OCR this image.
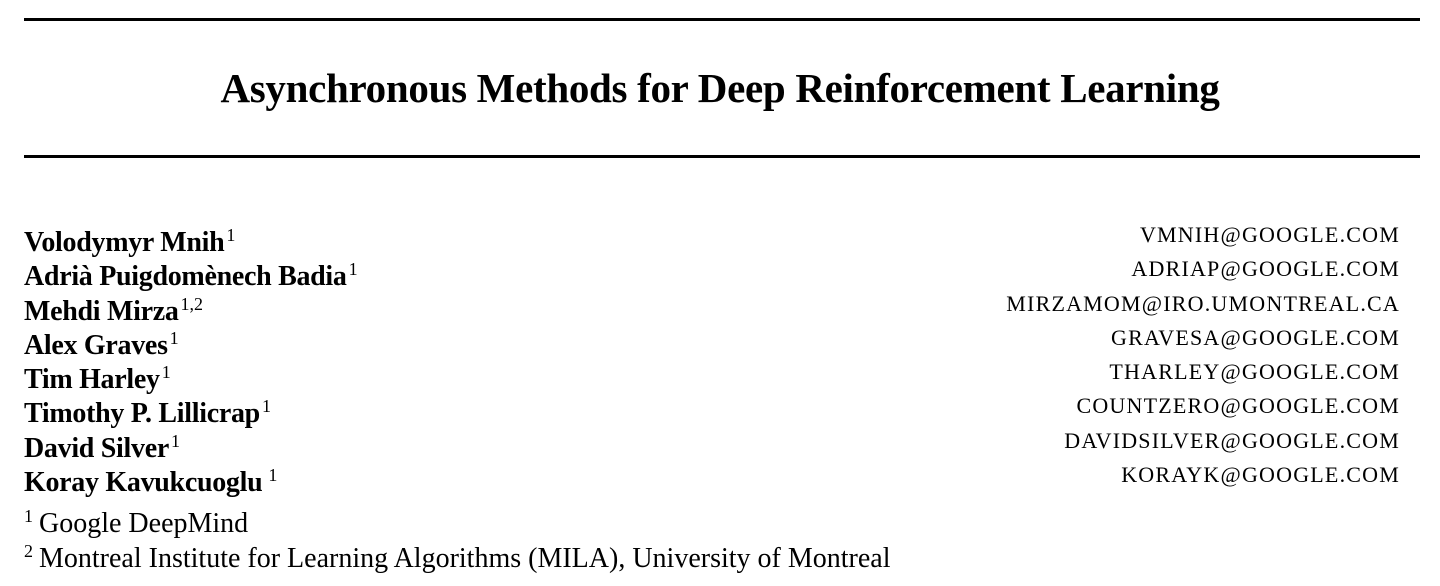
Asynchronous Methods for Deep Reinforcement Learning
Volodymyr Mnih $^1$	VMNIH@GOOGLE.COM
Adrià Puigdomènech Badia $^1$	ADRIAP@GOOGLE.COM
Mehdi Mirza $^{1,2}$	MIRZAMOM@IRO.UMONTREAL.CA
Alex Graves $^1$	GRAVESA@GOOGLE.COM
Tim Harley $^1$	THARLEY@GOOGLE.COM
Timothy P. Lillicrap $^1$	COUNTZERO@GOOGLE.COM
David Silver $^1$	DAVIDSILVER@GOOGLE.COM
Koray Kavukcuoglu $^1$	KORAYK@GOOGLE.COM
$^1$ Google DeepMind
$^2$ Montreal Institute for Learning Algorithms (MILA), University of Montreal
